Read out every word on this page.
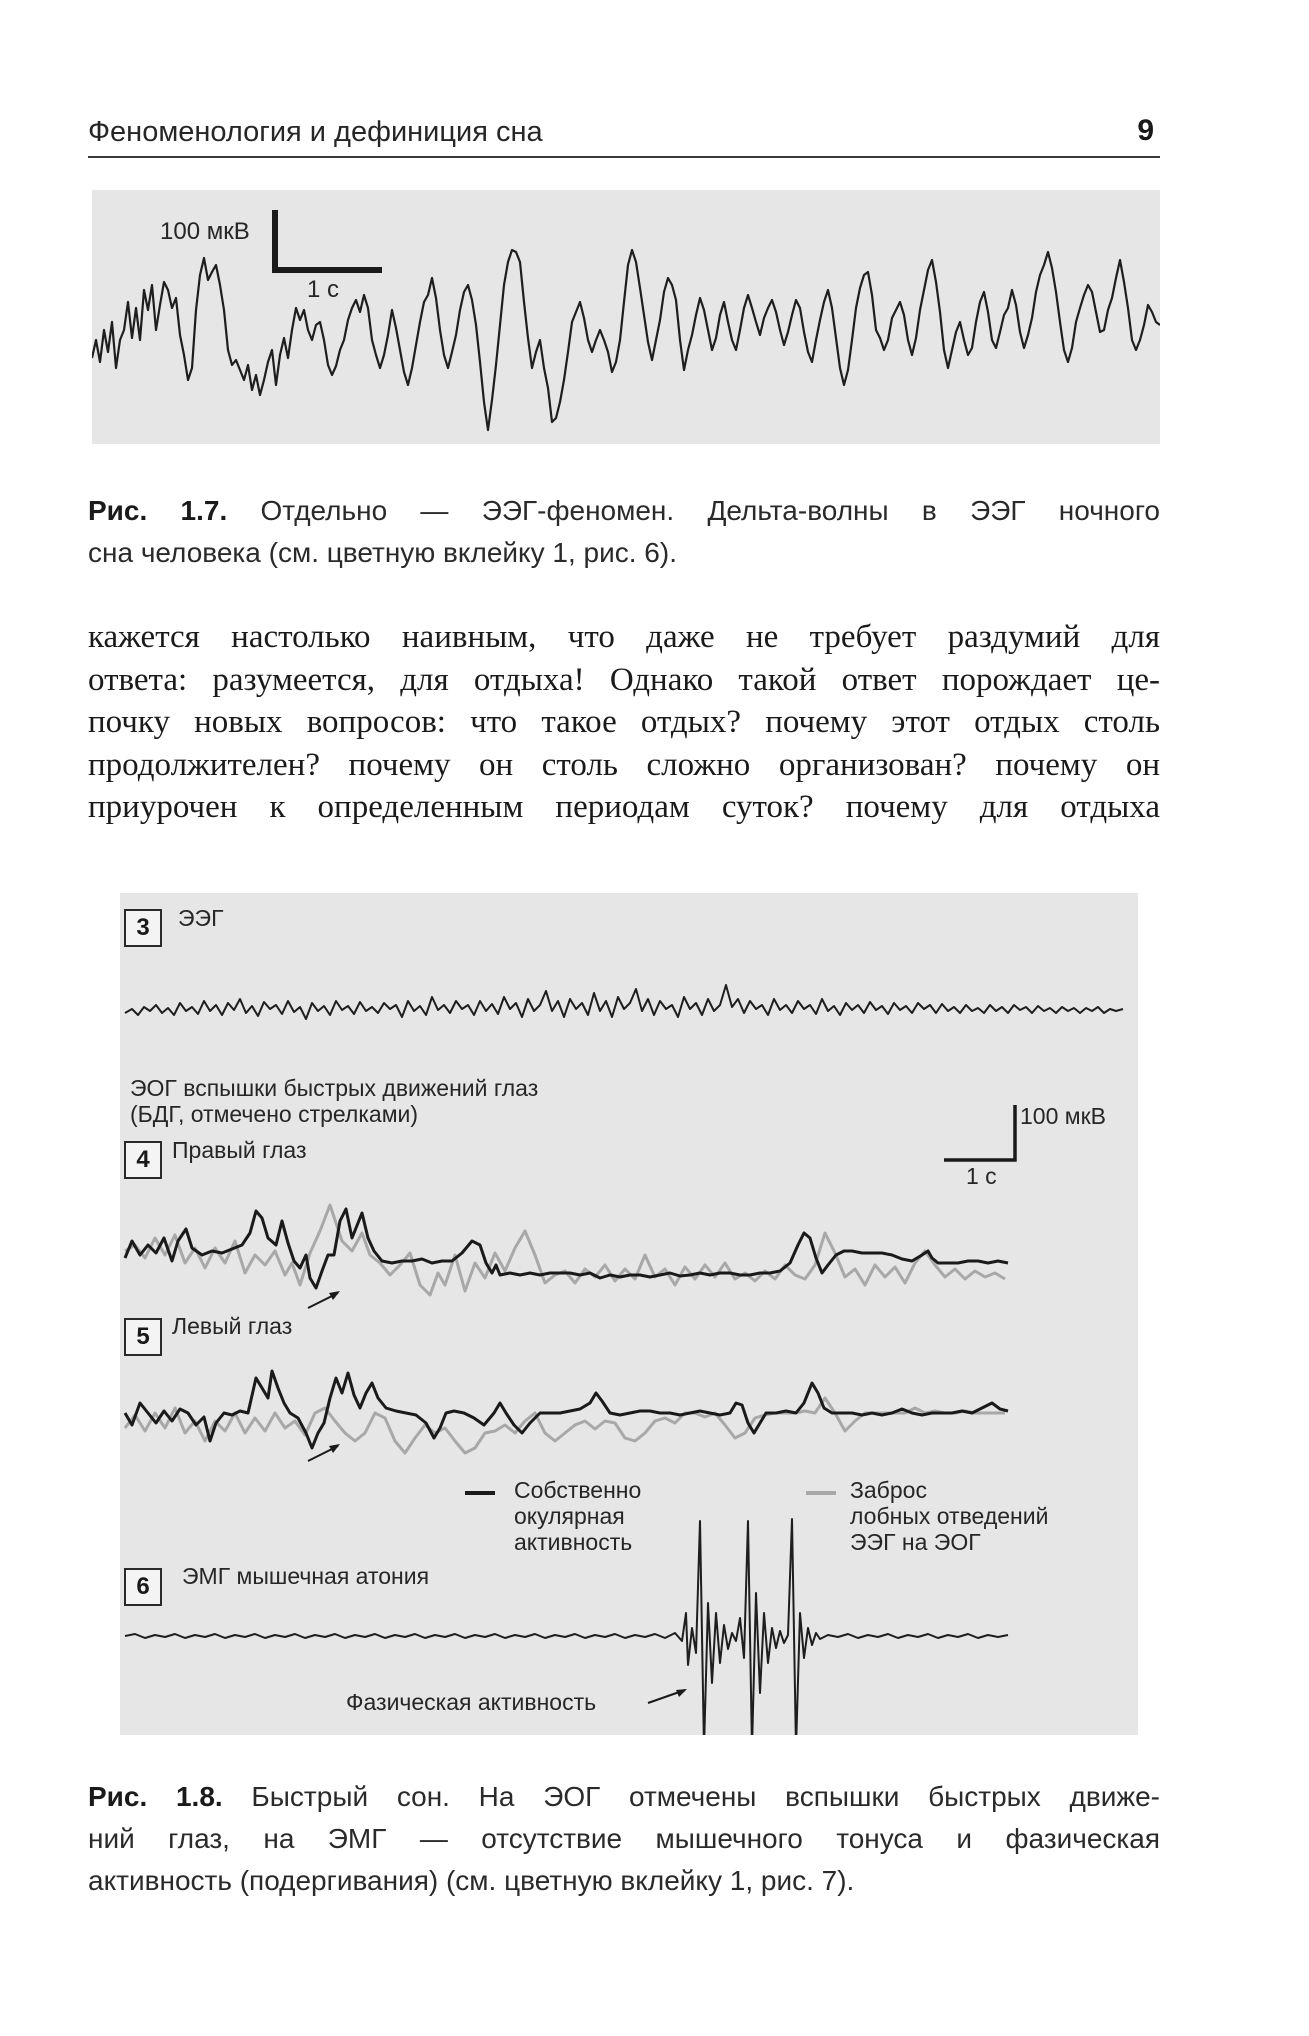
Феноменология и дефиниция сна	9
100 мкВ
1 с
Рис. 1.7. Отдельно — ЭЭГ-феномен. Дельта-волны в ЭЭГ ночного
сна человека (см. цветную вклейку 1, рис. 6).
кажется настолько наивным, что даже не требует раздумий для
ответа: разумеется, для отдыха! Однако такой ответ порождает це-
почку новых вопросов: что такое отдых? почему этот отдых столь
продолжителен? почему он столь сложно организован? почему он
приурочен к определенным периодам суток? почему для отдыха
3	ЭЭГ
ЭОГ вспышки быстрых движений глаз
(БДГ, отмечено стрелками)	100 мкВ
1 с
4 Правый глаз
5 Левый глаз
Собственно
окулярная
активность
Заброс
лобных отведений
ЭЭГ на ЭОГ
6	ЭМГ мышечная атония
Фазическая активность
Рис. 1.8. Быстрый сон. На ЭОГ отмечены вспышки быстрых движе-
ний глаз, на ЭМГ — отсутствие мышечного тонуса и фазическая
активность (подергивания) (см. цветную вклейку 1, рис. 7).
